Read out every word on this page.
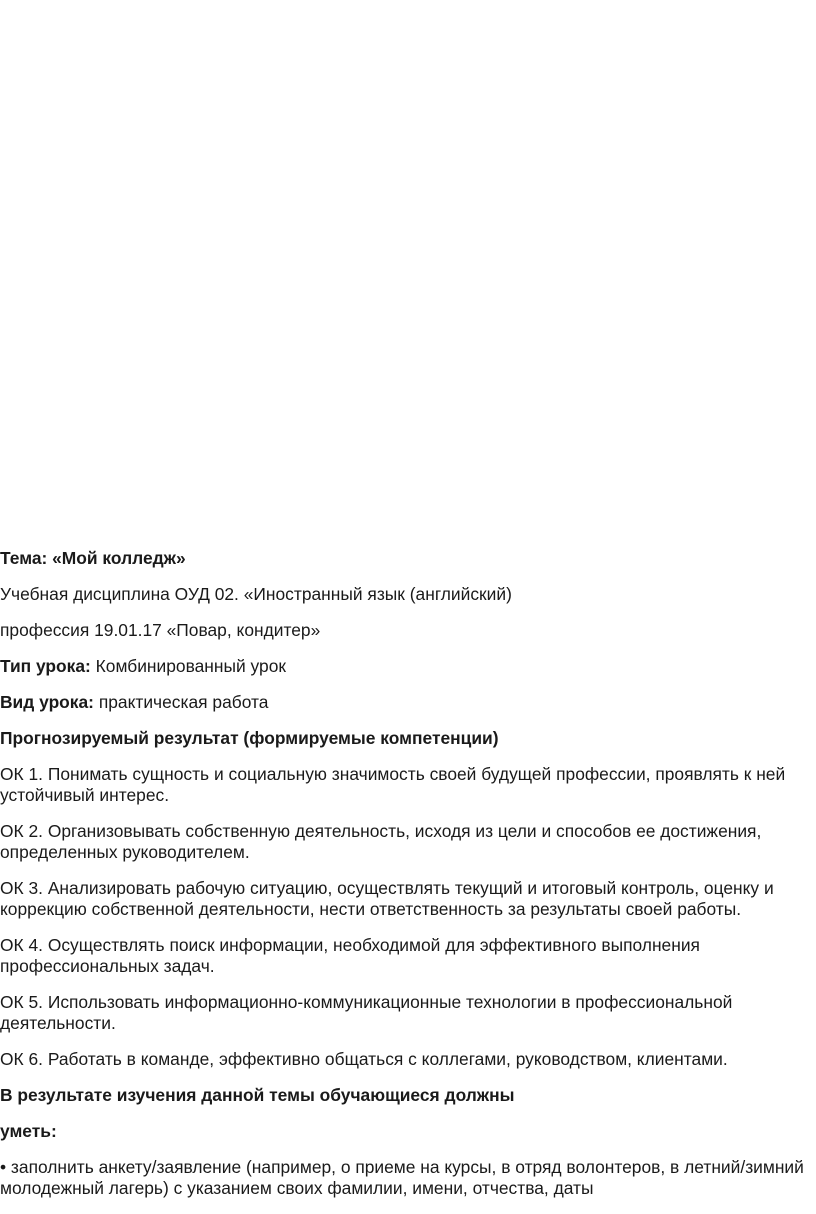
Тема: «Мой колледж»

Учебная дисциплина ОУД 02. «Иностранный язык (английский)

профессия 19.01.17 «Повар, кондитер»

Тип урока: Комбинированный урок

Вид урока: практическая работа

Прогнозируемый результат (формируемые компетенции)

ОК 1. Понимать сущность и социальную значимость своей будущей профессии, проявлять к ней устойчивый интерес.

ОК 2. Организовывать собственную деятельность, исходя из цели и способов ее достижения, определенных руководителем.

ОК 3. Анализировать рабочую ситуацию, осуществлять текущий и итоговый контроль, оценку и коррекцию собственной деятельности, нести ответственность за результаты своей работы.

ОК 4. Осуществлять поиск информации, необходимой для эффективного выполнения профессиональных задач.

ОК 5. Использовать информационно-коммуникационные технологии в профессиональной деятельности.

ОК 6. Работать в команде, эффективно общаться с коллегами, руководством, клиентами.

В результате изучения данной темы обучающиеся должны

уметь:

• заполнить анкету/заявление (например, о приеме на курсы, в отряд волонтеров, в летний/зимний молодежный лагерь) с указанием своих фамилии, имени, отчества, даты
